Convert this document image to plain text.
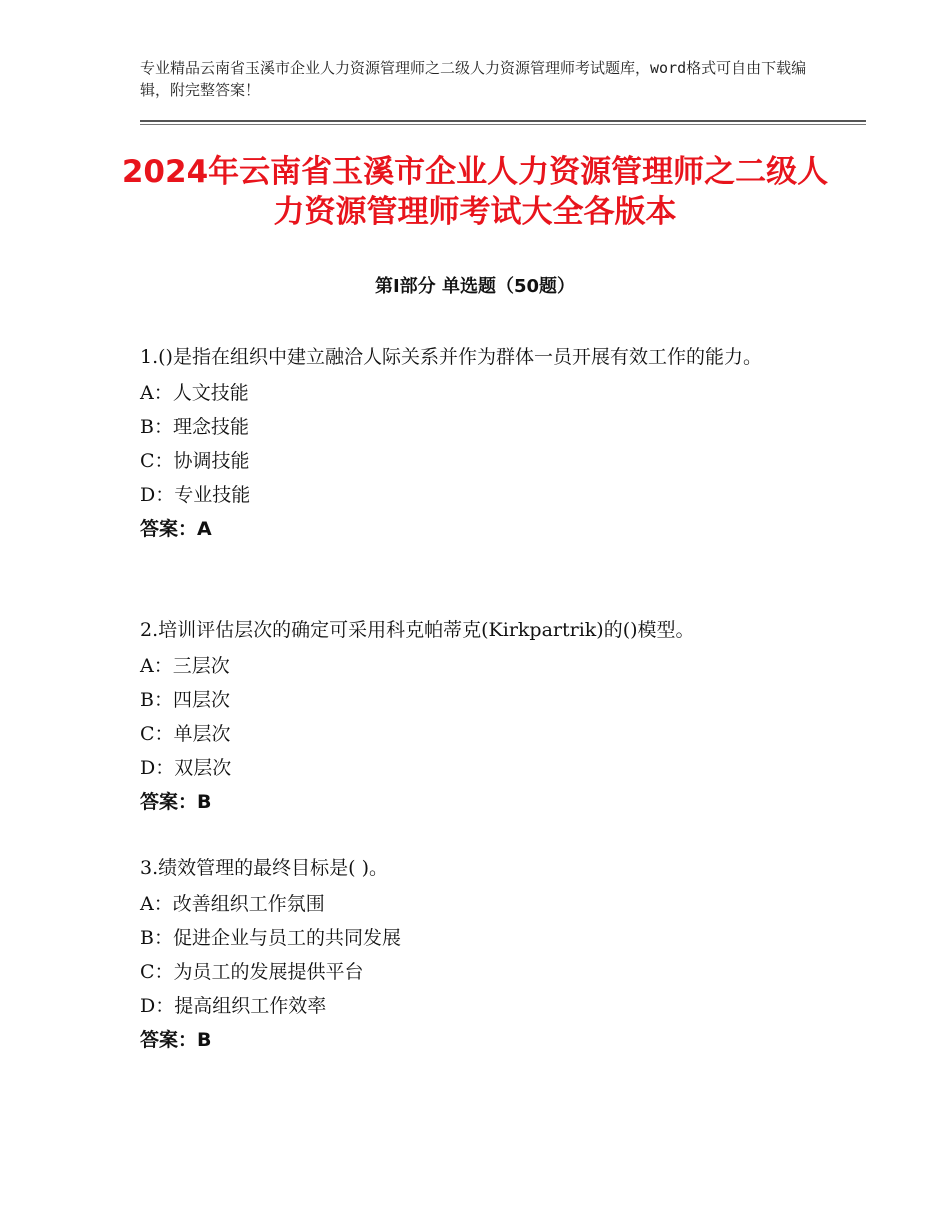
专业精品云南省玉溪市企业人力资源管理师之二级人力资源管理师考试题库，word格式可自由下载编辑，附完整答案！
2024年云南省玉溪市企业人力资源管理师之二级人力资源管理师考试大全各版本
第Ⅰ部分 单选题（50题）
1.()是指在组织中建立融洽人际关系并作为群体一员开展有效工作的能力。
A：人文技能
B：理念技能
C：协调技能
D：专业技能
答案：A
2.培训评估层次的确定可采用科克帕蒂克(Kirkpartrik)的()模型。
A：三层次
B：四层次
C：单层次
D：双层次
答案：B
3.绩效管理的最终目标是( )。
A：改善组织工作氛围
B：促进企业与员工的共同发展
C：为员工的发展提供平台
D：提高组织工作效率
答案：B
